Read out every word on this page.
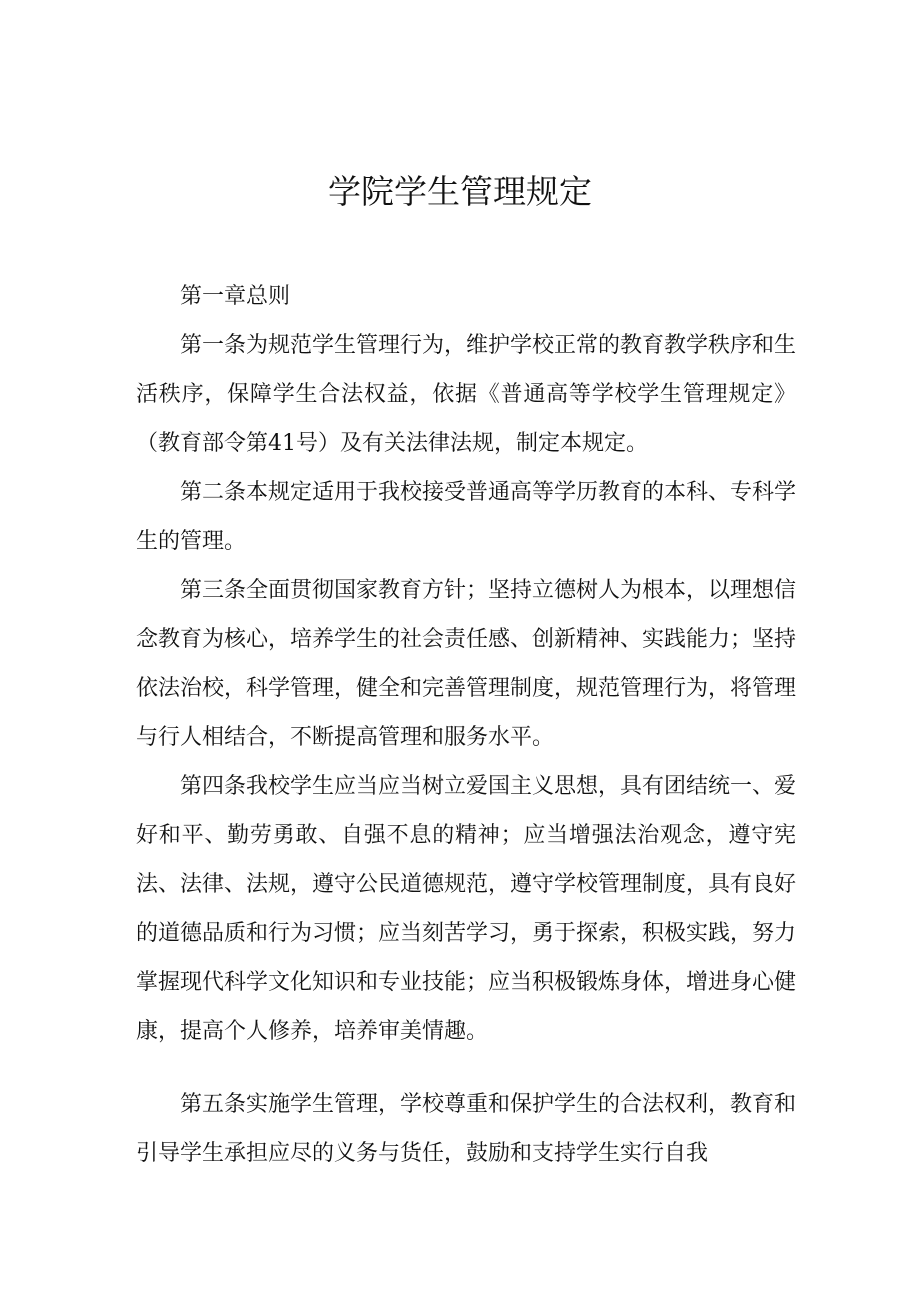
学院学生管理规定

第一章总则

第一条为规范学生管理行为，维护学校正常的教育教学秩序和生活秩序，保障学生合法权益，依据《普通高等学校学生管理规定》（教育部令第41号）及有关法律法规，制定本规定。

第二条本规定适用于我校接受普通高等学历教育的本科、专科学生的管理。

第三条全面贯彻国家教育方针；坚持立德树人为根本，以理想信念教育为核心，培养学生的社会责任感、创新精神、实践能力；坚持依法治校，科学管理，健全和完善管理制度，规范管理行为，将管理与行人相结合，不断提高管理和服务水平。

第四条我校学生应当应当树立爱国主义思想，具有团结统一、爱好和平、勤劳勇敢、自强不息的精神；应当增强法治观念，遵守宪法、法律、法规，遵守公民道德规范，遵守学校管理制度，具有良好的道德品质和行为习惯；应当刻苦学习，勇于探索，积极实践，努力掌握现代科学文化知识和专业技能；应当积极锻炼身体，增进身心健康，提高个人修养，培养审美情趣。

第五条实施学生管理，学校尊重和保护学生的合法权利，教育和引导学生承担应尽的义务与货任，鼓励和支持学生实行自我
